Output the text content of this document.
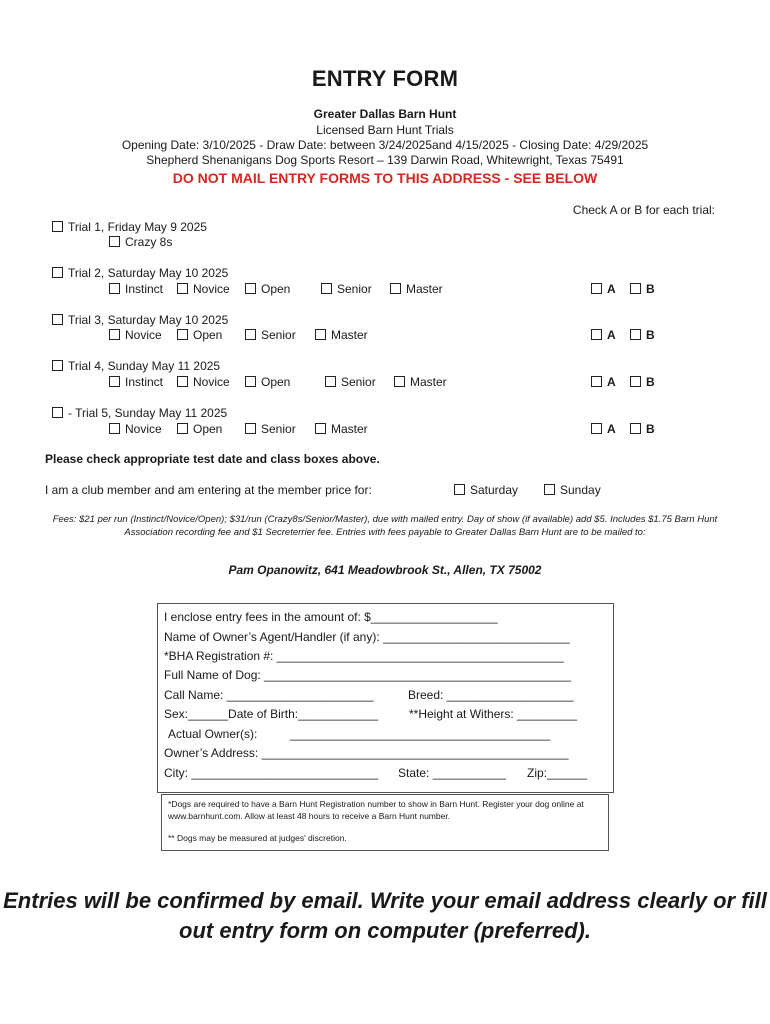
ENTRY FORM
Greater Dallas Barn Hunt
Licensed Barn Hunt Trials
Opening Date: 3/10/2025 - Draw Date: between 3/24/2025and 4/15/2025 - Closing Date: 4/29/2025
Shepherd Shenanigans Dog Sports Resort – 139 Darwin Road, Whitewright, Texas 75491
DO NOT MAIL ENTRY FORMS TO THIS ADDRESS - SEE BELOW
Check A or B for each trial:
Trial 1, Friday May 9 2025
Crazy 8s
Trial 2, Saturday May 10 2025
Instinct	Novice	Open	Senior	Master	A	B
Trial 3, Saturday May 10 2025
Novice	Open	Senior	Master	A	B
Trial 4, Sunday May 11 2025
Instinct	Novice	Open	Senior	Master	A	B
- Trial 5, Sunday May 11 2025
Novice	Open	Senior	Master	A	B
Please check appropriate test date and class boxes above.
I am a club member and am entering at the member price for:	Saturday	Sunday
Fees: $21 per run (Instinct/Novice/Open); $31/run (Crazy8s/Senior/Master), due with mailed entry. Day of show (if available) add $5. Includes $1.75 Barn Hunt Association recording fee and $1 Secreterrier fee. Entries with fees payable to Greater Dallas Barn Hunt are to be mailed to:
Pam Opanowitz, 641 Meadowbrook St., Allen, TX 75002
I enclose entry fees in the amount of: $___________________
Name of Owner’s Agent/Handler (if any): ____________________________
*BHA Registration #: ___________________________________________
Full Name of Dog: ______________________________________________
Call Name: ______________________	Breed: ___________________
Sex:______Date of Birth:____________	**Height at Withers: _________
Actual Owner(s):	_______________________________________
Owner’s Address: ______________________________________________
City: ____________________________ State: ___________ Zip:______
*Dogs are required to have a Barn Hunt Registration number to show in Barn Hunt. Register your dog online at www.barnhunt.com. Allow at least 48 hours to receive a Barn Hunt number.
** Dogs may be measured at judges' discretion.
Entries will be confirmed by email. Write your email address clearly or fill out entry form on computer (preferred).
